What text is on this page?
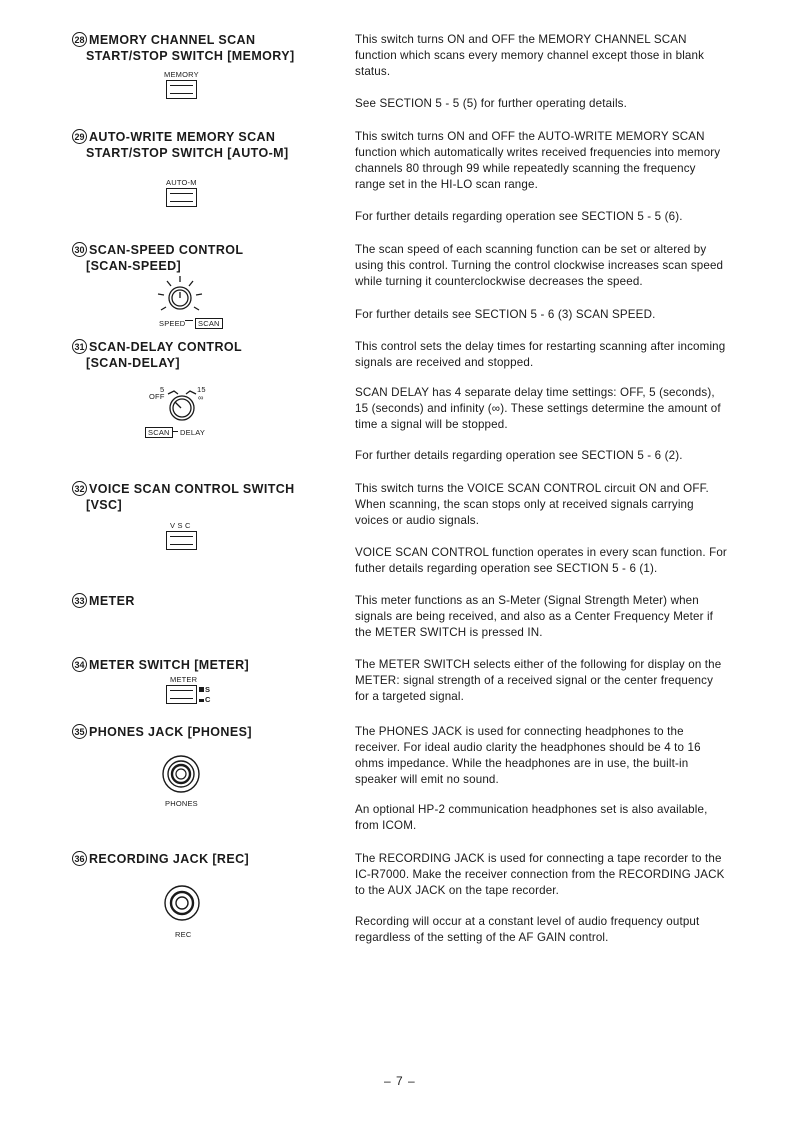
28 MEMORY CHANNEL SCAN
START/STOP SWITCH [MEMORY]
MEMORY

This switch turns ON and OFF the MEMORY CHANNEL SCAN function which scans every memory channel except those in blank status.

See SECTION 5 - 5 (5) for further operating details.

29 AUTO-WRITE MEMORY SCAN
START/STOP SWITCH [AUTO-M]
AUTO-M

This switch turns ON and OFF the AUTO-WRITE MEMORY SCAN function which automatically writes received frequencies into memory channels 80 through 99 while repeatedly scanning the frequency range set in the HI-LO scan range.

For further details regarding operation see SECTION 5 - 5 (6).

30 SCAN-SPEED CONTROL
[SCAN-SPEED]
SPEED	SCAN

The scan speed of each scanning function can be set or altered by using this control. Turning the control clockwise increases scan speed while turning it counterclockwise decreases the speed.

For further details see SECTION 5 - 6 (3) SCAN SPEED.

31 SCAN-DELAY CONTROL
[SCAN-DELAY]
OFF
5	15
∞
SCAN	DELAY

This control sets the delay times for restarting scanning after incoming signals are received and stopped.

SCAN DELAY has 4 separate delay time settings: OFF, 5 (seconds), 15 (seconds) and infinity (∞). These settings determine the amount of time a signal will be stopped.

For further details regarding operation see SECTION 5 - 6 (2).

32 VOICE SCAN CONTROL SWITCH
[VSC]
V S C

This switch turns the VOICE SCAN CONTROL circuit ON and OFF. When scanning, the scan stops only at received signals carrying voices or audio signals.

VOICE SCAN CONTROL function operates in every scan function. For futher details regarding operation see SECTION 5 - 6 (1).

33 METER	This meter functions as an S-Meter (Signal Strength Meter) when signals are being received, and also as a Center Frequency Meter if the METER SWITCH is pressed IN.

34 METER SWITCH [METER]
METER
S
C

The METER SWITCH selects either of the following for display on the METER: signal strength of a received signal or the center frequency for a targeted signal.

35 PHONES JACK [PHONES]
PHONES

The PHONES JACK is used for connecting headphones to the receiver. For ideal audio clarity the headphones should be 4 to 16 ohms impedance. While the headphones are in use, the built-in speaker will emit no sound.

An optional HP-2 communication headphones set is also available, from ICOM.

36 RECORDING JACK [REC]
REC

The RECORDING JACK is used for connecting a tape recorder to the IC-R7000. Make the receiver connection from the RECORDING JACK to the AUX JACK on the tape recorder.

Recording will occur at a constant level of audio frequency output regardless of the setting of the AF GAIN control.

– 7 –
